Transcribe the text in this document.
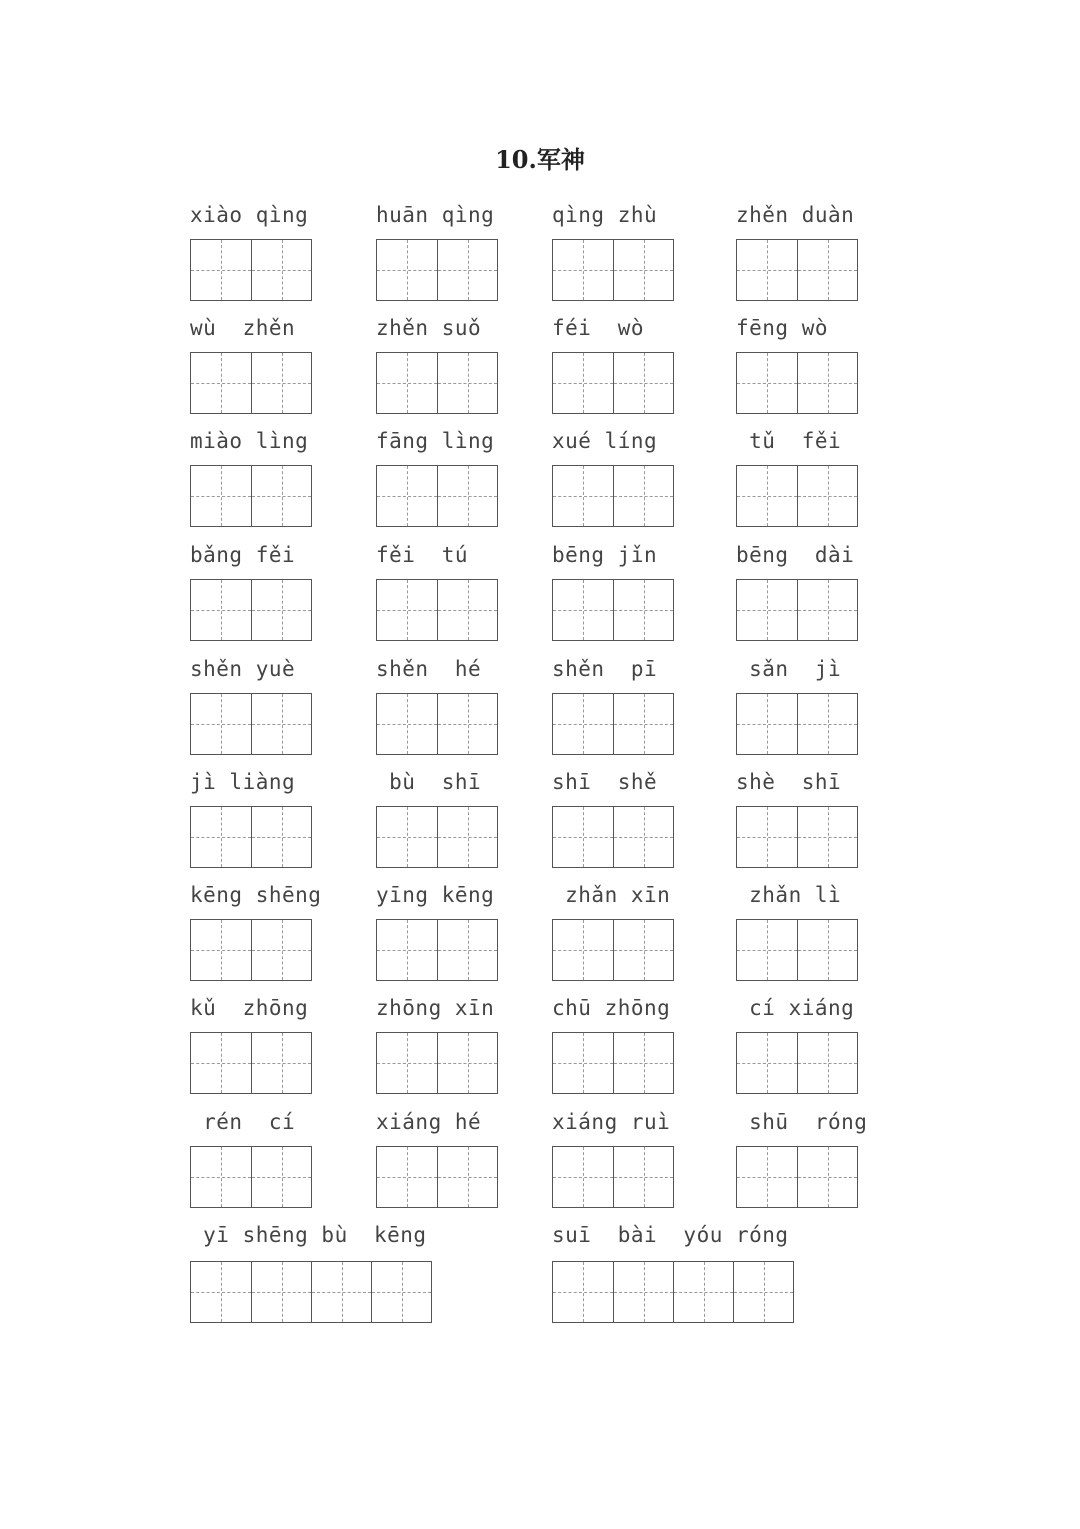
10.军神
xiào qìng	huān qìng	qìng zhù	zhěn duàn
wù  zhěn	zhěn suǒ	féi  wò	fēng wò
miào lìng	fāng lìng	xué líng	tǔ  fěi
bǎng fěi	fěi  tú	bēng jǐn	bēng  dài
shěn yuè	shěn  hé	shěn  pī	sǎn  jì
jì liàng	bù  shī	shī  shě	shè  shī
kēng shēng	yīng kēng	zhǎn xīn	zhǎn lì
kǔ  zhōng	zhōng xīn	chū zhōng	cí xiáng
rén  cí	xiáng hé	xiáng ruì	shū  róng
yī shēng bù  kēng	suī  bài  yóu róng
